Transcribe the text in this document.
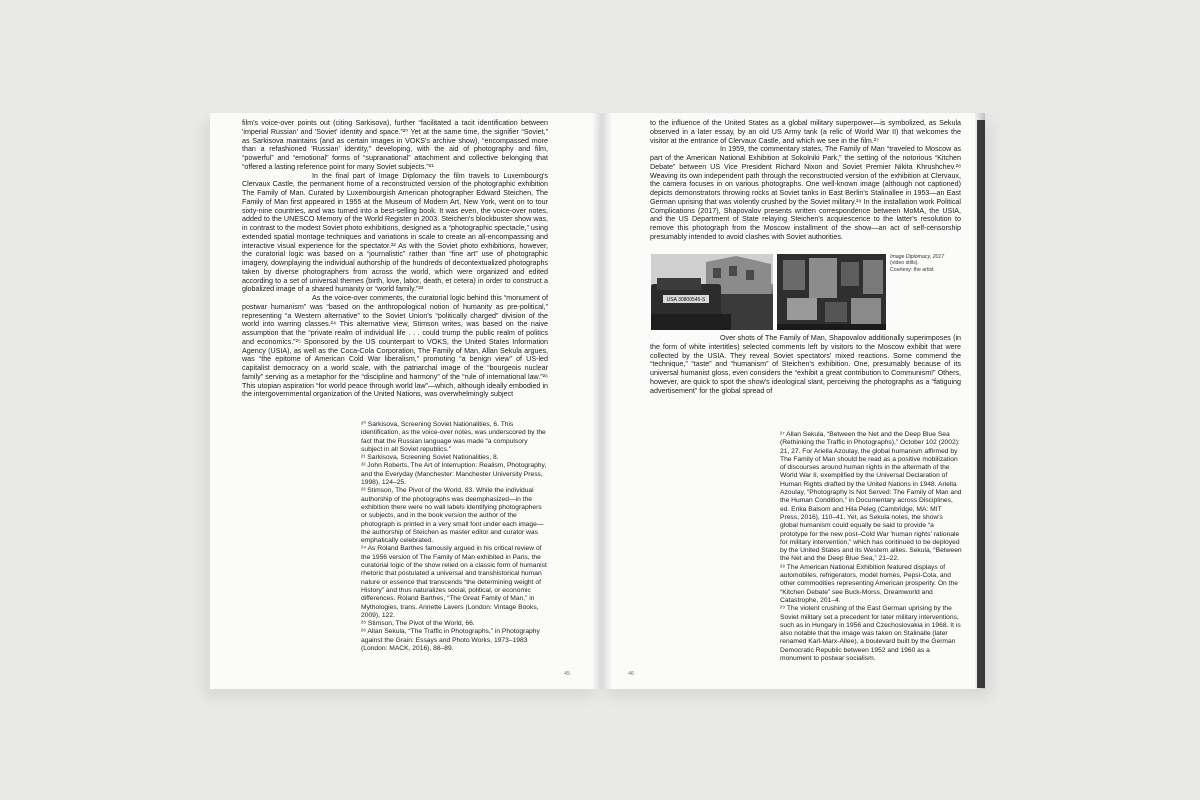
film's voice-over points out (citing Sarkisova), further “facilitated a tacit identification between 'imperial Russian' and 'Soviet' identity and space.”²⁰ Yet at the same time, the signifier “Soviet,” as Sarkisova maintains (and as certain images in VOKS's archive show), “encompassed more than a refashioned 'Russian' identity,” developing, with the aid of photography and film, “powerful” and “emotional” forms of “supranational” attachment and collective belonging that “offered a lasting reference point for many Soviet subjects.”²¹

In the final part of Image Diplomacy the film travels to Luxembourg's Clervaux Castle, the permanent home of a reconstructed version of the photographic exhibition The Family of Man. Curated by Luxembourgish American photographer Edward Steichen, The Family of Man first appeared in 1955 at the Museum of Modern Art, New York, went on to tour sixty-nine countries, and was turned into a best-selling book. It was even, the voice-over notes, added to the UNESCO Memory of the World Register in 2003. Steichen's blockbuster show was, in contrast to the modest Soviet photo exhibitions, designed as a “photographic spectacle,” using extended spatial montage techniques and variations in scale to create an all-encompassing and interactive visual experience for the spectator.²² As with the Soviet photo exhibitions, however, the curatorial logic was based on a “journalistic” rather than “fine art” use of photographic imagery, downplaying the individual authorship of the hundreds of decontextualized photographs taken by diverse photographers from across the world, which were organized and edited according to a set of universal themes (birth, love, labor, death, et cetera) in order to construct a globalized image of a shared humanity or “world family.”²³

As the voice-over comments, the curatorial logic behind this “monument of postwar humanism” was “based on the anthropological notion of humanity as pre-political,” representing “a Western alternative” to the Soviet Union's “politically charged” division of the world into warring classes.²⁴ This alternative view, Stimson writes, was based on the naive assumption that the “private realm of individual life . . . could trump the public realm of politics and economics.”²⁵ Sponsored by the US counterpart to VOKS, the United States Information Agency (USIA), as well as the Coca-Cola Corporation, The Family of Man, Allan Sekula argues, was “the epitome of American Cold War liberalism,” promoting “a benign view” of US-led capitalist democracy on a world scale, with the patriarchal image of the “bourgeois nuclear family” serving as a metaphor for the “discipline and harmony” of the “rule of international law.”²⁶ This utopian aspiration “for world peace through world law”—which, although ideally embodied in the intergovernmental organization of the United Nations, was overwhelmingly subject

²⁰ Sarkisova, Screening Soviet Nationalities, 6. This identification, as the voice-over notes, was underscored by the fact that the Russian language was made “a compulsory subject in all Soviet republics.”

²¹ Sarkisova, Screening Soviet Nationalities, 8.

²² John Roberts, The Art of Interruption: Realism, Photography, and the Everyday (Manchester: Manchester University Press, 1998), 124–25.

²³ Stimson, The Pivot of the World, 83. While the individual authorship of the photographs was deemphasized—in the exhibition there were no wall labels identifying photographers or subjects, and in the book version the author of the photograph is printed in a very small font under each image—the authorship of Steichen as master editor and curator was emphatically celebrated.

²⁴ As Roland Barthes famously argued in his critical review of the 1956 version of The Family of Man exhibited in Paris, the curatorial logic of the show relied on a classic form of humanist rhetoric that postulated a universal and transhistorical human nature or essence that transcends “the determining weight of History” and thus naturalizes social, political, or economic differences. Roland Barthes, “The Great Family of Man,” in Mythologies, trans. Annette Lavers (London: Vintage Books, 2009), 122.

²⁵ Stimson, The Pivot of the World, 66.

²⁶ Allan Sekula, “The Traffic in Photographs,” in Photography against the Grain: Essays and Photo Works, 1973–1983 (London: MACK, 2016), 88–89.

45

to the influence of the United States as a global military superpower—is symbolized, as Sekula observed in a later essay, by an old US Army tank (a relic of World War II) that welcomes the visitor at the entrance of Clervaux Castle, and which we see in the film.²⁷

In 1959, the commentary states, The Family of Man “traveled to Moscow as part of the American National Exhibition at Sokolniki Park,” the setting of the notorious “Kitchen Debate” between US Vice President Richard Nixon and Soviet Premier Nikita Khrushchev.²⁸ Weaving its own independent path through the reconstructed version of the exhibition at Clervaux, the camera focuses in on various photographs. One well-known image (although not captioned) depicts demonstrators throwing rocks at Soviet tanks in East Berlin's Stalinallee in 1953—an East German uprising that was violently crushed by the Soviet military.²⁹ In the installation work Political Complications (2017), Shapovalov presents written correspondence between MoMA, the USIA, and the US Department of State relaying Steichen's acquiescence to the latter's resolution to remove this photograph from the Moscow installment of the show—an act of self-censorship presumably intended to avoid clashes with Soviet authorities.

USA 30800545-S

Image Diplomacy, 2017

(video stills).

Courtesy: the artist

Over shots of The Family of Man, Shapovalov additionally superimposes (in the form of white intertitles) selected comments left by visitors to the Moscow exhibit that were collected by the USIA. They reveal Soviet spectators' mixed reactions. Some commend the “technique,” “taste” and “humanism” of Steichen's exhibition. One, presumably because of its universal humanist gloss, even considers the “exhibit a great contribution to Communism!” Others, however, are quick to spot the show's ideological slant, perceiving the photographs as a “fatiguing advertisement” for the global spread of

²⁷ Allan Sekula, “Between the Net and the Deep Blue Sea (Rethinking the Traffic in Photographs),” October 102 (2002): 21, 27. For Ariella Azoulay, the global humanism affirmed by The Family of Man should be read as a positive mobilization of discourses around human rights in the aftermath of the World War II, exemplified by the Universal Declaration of Human Rights drafted by the United Nations in 1948. Ariella Azoulay, “Photography Is Not Served: The Family of Man and the Human Condition,” in Documentary across Disciplines, ed. Erika Balsom and Hila Peleg (Cambridge, MA: MIT Press, 2016), 110–41. Yet, as Sekula notes, the show's global humanism could equally be said to provide “a prototype for the new post–Cold War 'human rights' rationale for military intervention,” which has continued to be deployed by the United States and its Western allies. Sekula, “Between the Net and the Deep Blue Sea,” 21–22.

²⁸ The American National Exhibition featured displays of automobiles, refrigerators, model homes, Pepsi-Cola, and other commodities representing American prosperity. On the “Kitchen Debate” see Buck-Morss, Dreamworld and Catastrophe, 201–4.

²⁹ The violent crushing of the East German uprising by the Soviet military set a precedent for later military interventions, such as in Hungary in 1956 and Czechoslovakia in 1968. It is also notable that the image was taken on Stalinalle (later renamed Karl-Marx-Allee), a boulevard built by the German Democratic Republic between 1952 and 1960 as a monument to postwar socialism.

46
